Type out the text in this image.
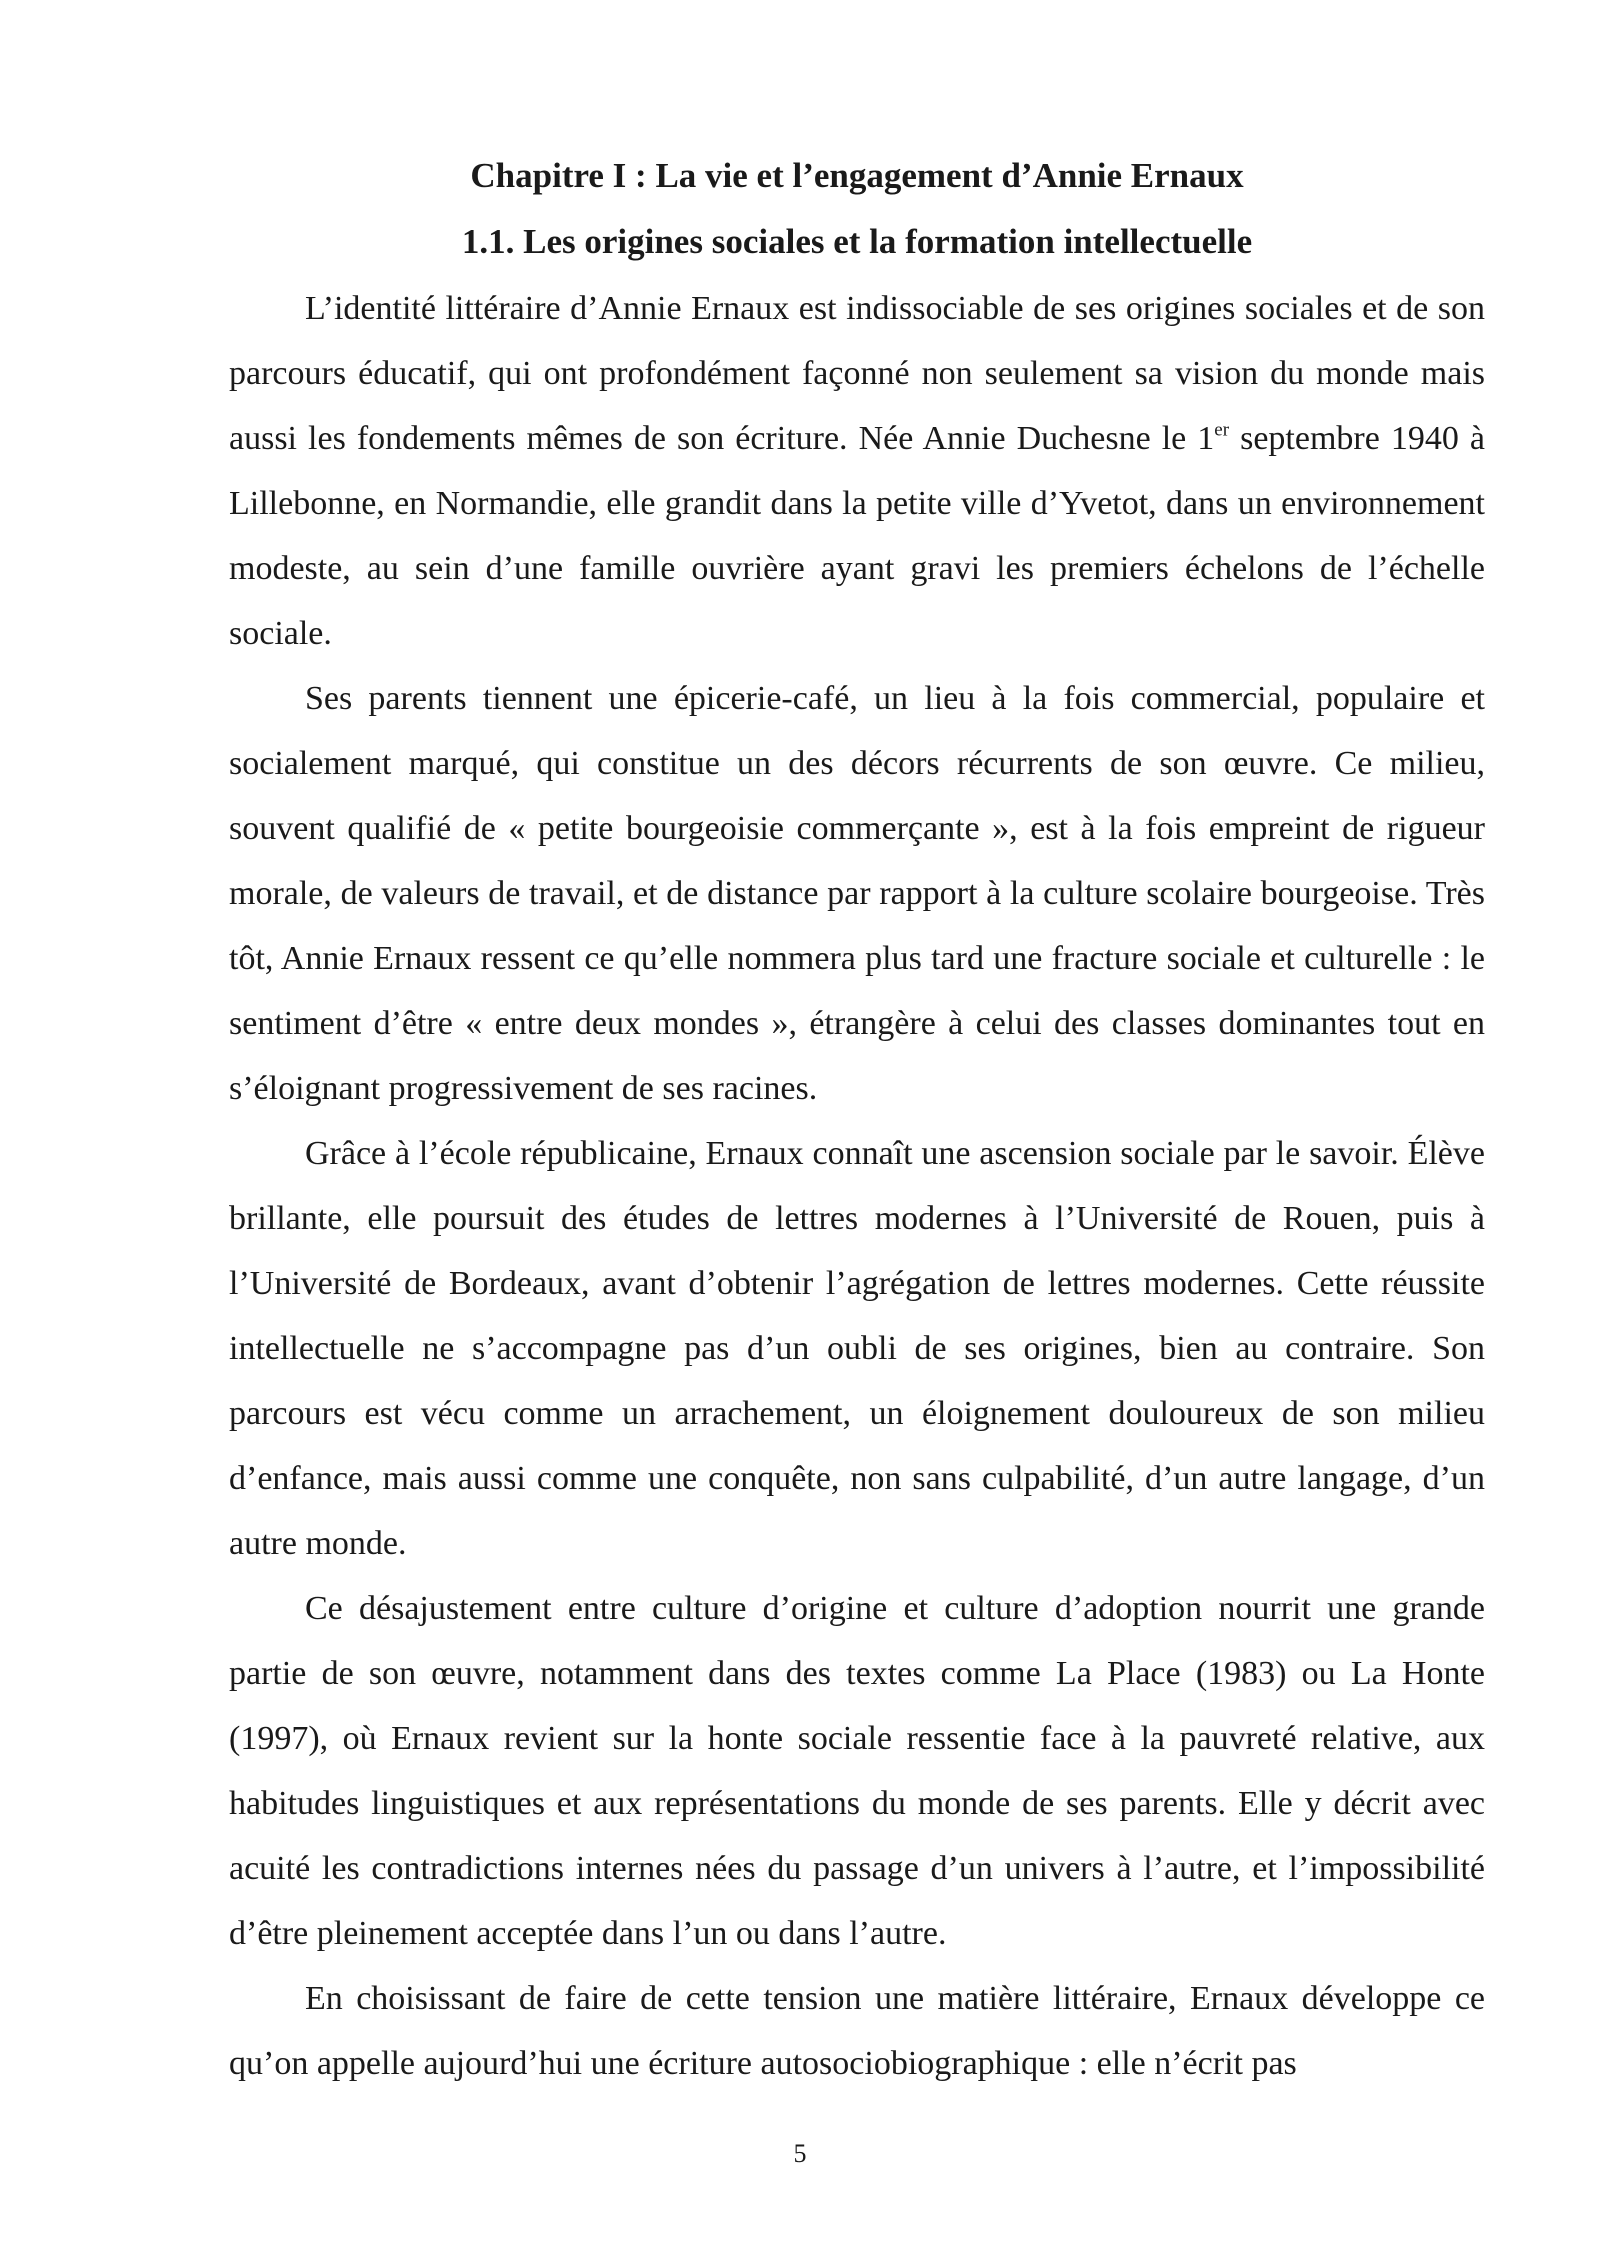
Chapitre I : La vie et l’engagement d’Annie Ernaux
1.1. Les origines sociales et la formation intellectuelle

L’identité littéraire d’Annie Ernaux est indissociable de ses origines sociales et de son parcours éducatif, qui ont profondément façonné non seulement sa vision du monde mais aussi les fondements mêmes de son écriture. Née Annie Duchesne le 1er septembre 1940 à Lillebonne, en Normandie, elle grandit dans la petite ville d’Yvetot, dans un environnement modeste, au sein d’une famille ouvrière ayant gravi les premiers échelons de l’échelle sociale.

Ses parents tiennent une épicerie-café, un lieu à la fois commercial, populaire et socialement marqué, qui constitue un des décors récurrents de son œuvre. Ce milieu, souvent qualifié de « petite bourgeoisie commerçante », est à la fois empreint de rigueur morale, de valeurs de travail, et de distance par rapport à la culture scolaire bourgeoise. Très tôt, Annie Ernaux ressent ce qu’elle nommera plus tard une fracture sociale et culturelle : le sentiment d’être « entre deux mondes », étrangère à celui des classes dominantes tout en s’éloignant progressivement de ses racines.

Grâce à l’école républicaine, Ernaux connaît une ascension sociale par le savoir. Élève brillante, elle poursuit des études de lettres modernes à l’Université de Rouen, puis à l’Université de Bordeaux, avant d’obtenir l’agrégation de lettres modernes. Cette réussite intellectuelle ne s’accompagne pas d’un oubli de ses origines, bien au contraire. Son parcours est vécu comme un arrachement, un éloignement douloureux de son milieu d’enfance, mais aussi comme une conquête, non sans culpabilité, d’un autre langage, d’un autre monde.

Ce désajustement entre culture d’origine et culture d’adoption nourrit une grande partie de son œuvre, notamment dans des textes comme La Place (1983) ou La Honte (1997), où Ernaux revient sur la honte sociale ressentie face à la pauvreté relative, aux habitudes linguistiques et aux représentations du monde de ses parents. Elle y décrit avec acuité les contradictions internes nées du passage d’un univers à l’autre, et l’impossibilité d’être pleinement acceptée dans l’un ou dans l’autre.

En choisissant de faire de cette tension une matière littéraire, Ernaux développe ce qu’on appelle aujourd’hui une écriture autosociobiographique : elle n’écrit pas

5
